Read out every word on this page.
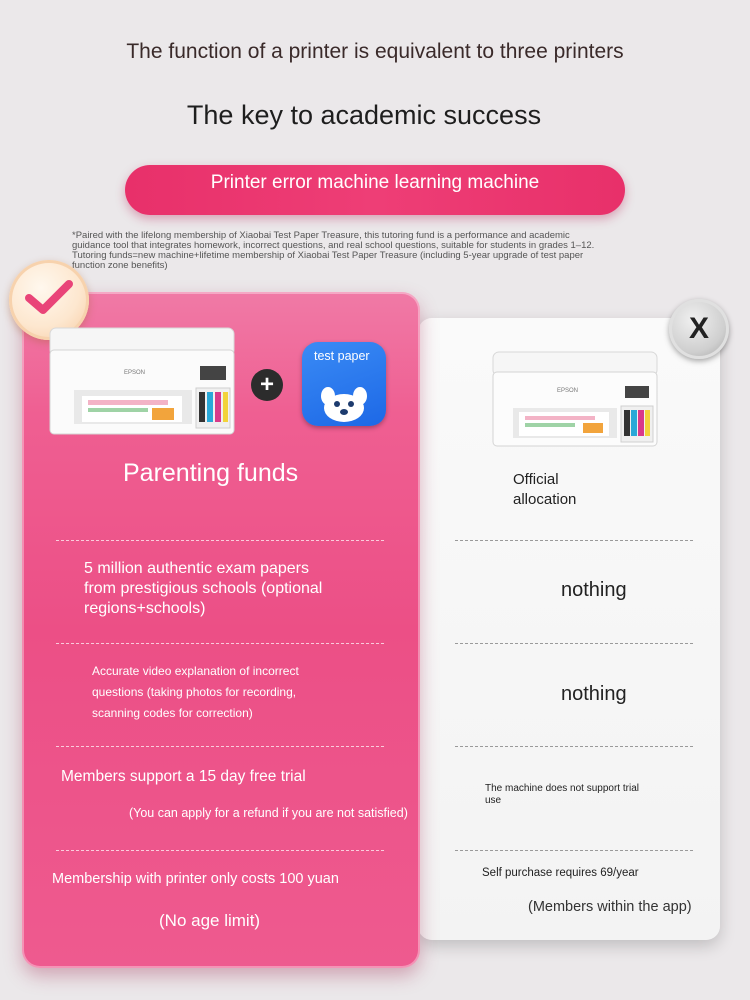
The function of a printer is equivalent to three printers
The key to academic success
Printer error machine learning machine
*Paired with the lifelong membership of Xiaobai Test Paper Treasure, this tutoring fund is a performance and academic
guidance tool that integrates homework, incorrect questions, and real school questions, suitable for students in grades 1–12.
Tutoring funds=new machine+lifetime membership of Xiaobai Test Paper Treasure (including 5-year upgrade of test paper
function zone benefits)
X
EPSON	+
test paper
Parenting funds
5 million authentic exam papers
from prestigious schools (optional
regions+schools)
Accurate video explanation of incorrect
questions (taking photos for recording,
scanning codes for correction)
Members support a 15 day free trial
(You can apply for a refund if you are not satisfied)
Membership with printer only costs 100 yuan
(No age limit)
EPSON
Official
allocation
nothing
nothing
The machine does not support trial
use
Self purchase requires 69/year
(Members within the app)
